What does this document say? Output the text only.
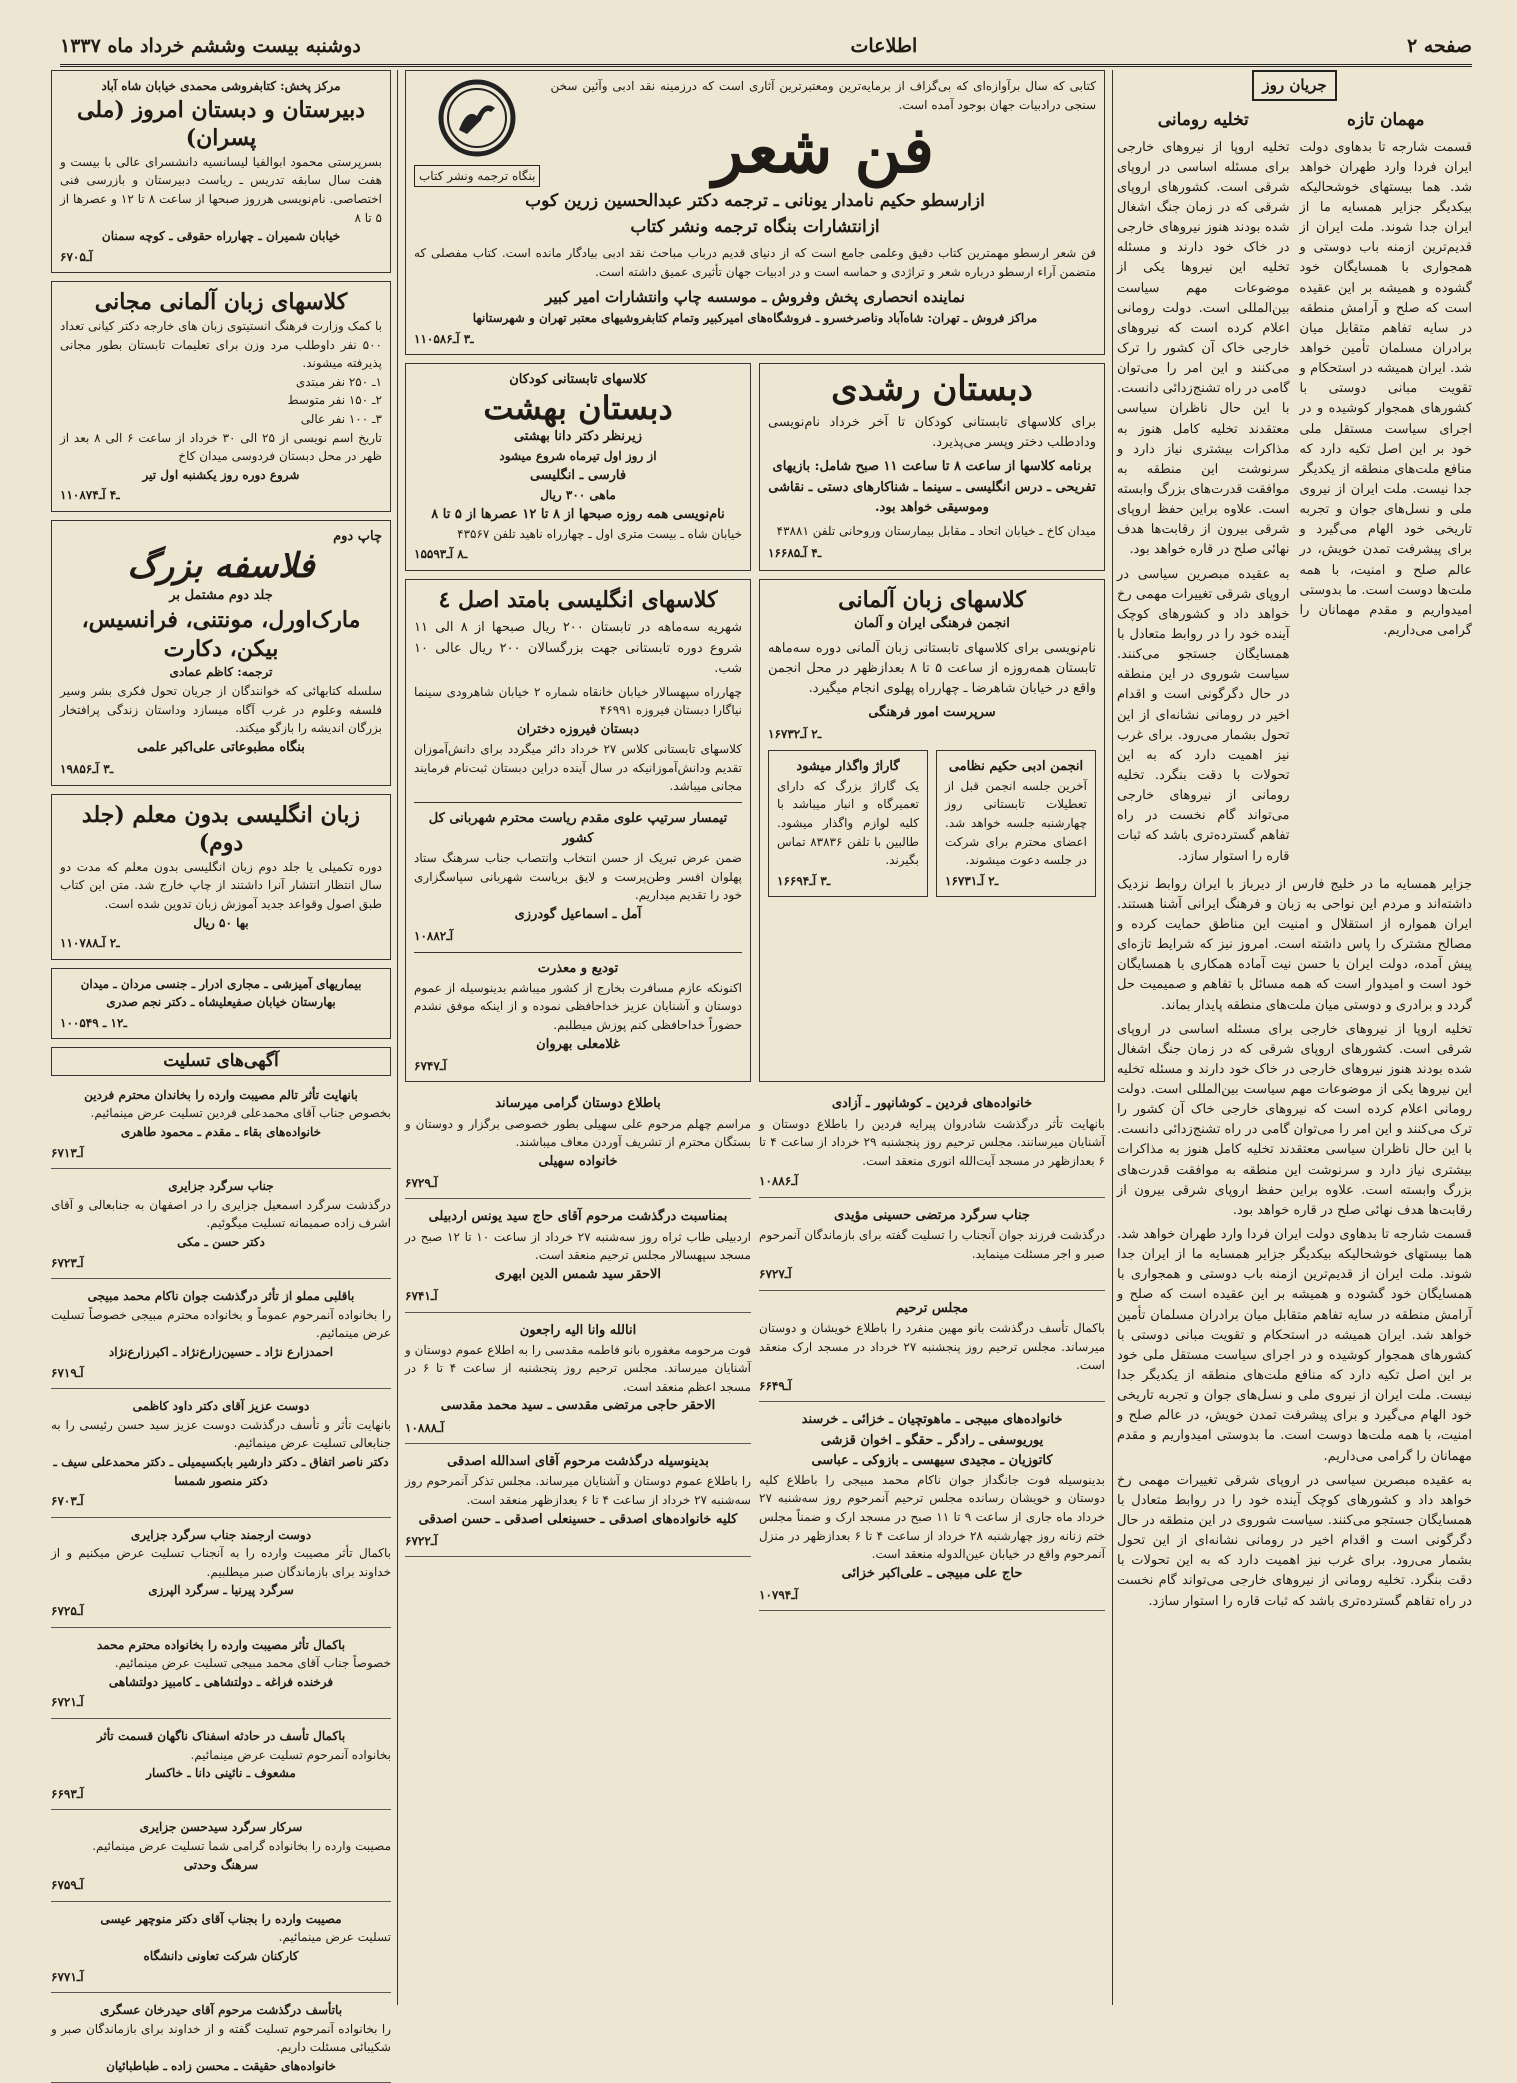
صفحه ۲
اطلاعات
دوشنبه بیست وششم خرداد ماه ۱۳۳۷
جریان روز
مهمان تازه
قسمت شارجه تا بدهاوی دولت ایران فردا وارد طهران خواهد شد. هما بیستهای خوشحالیکه بیکدیگر جزایر همسایه ما از ایران جدا شوند. ملت ایران از قدیم‌ترین ازمنه باب دوستی و همجواری با همسایگان خود گشوده و همیشه بر این عقیده است که صلح و آرامش منطقه در سایه تفاهم متقابل میان برادران مسلمان تأمین خواهد شد. ایران همیشه در استحکام و تقویت مبانی دوستی با کشورهای همجوار کوشیده و در اجرای سیاست مستقل ملی خود بر این اصل تکیه دارد که منافع ملت‌های منطقه از یکدیگر جدا نیست. ملت ایران از نیروی ملی و نسل‌های جوان و تجربه تاریخی خود الهام می‌گیرد و برای پیشرفت تمدن خویش، در عالم صلح و امنیت، با همه ملت‌ها دوست است. ما بدوستی امیدواریم و مقدم مهمانان را گرامی می‌داریم.
تخلیه رومانی
تخلیه اروپا از نیروهای خارجی برای مسئله اساسی در اروپای شرقی است. کشورهای اروپای شرقی که در زمان جنگ اشغال شده بودند هنوز نیروهای خارجی در خاک خود دارند و مسئله تخلیه این نیروها یکی از موضوعات مهم سیاست بین‌المللی است. دولت رومانی اعلام کرده است که نیروهای خارجی خاک آن کشور را ترک می‌کنند و این امر را می‌توان گامی در راه تشنج‌زدائی دانست. با این حال ناظران سیاسی معتقدند تخلیه کامل هنوز به مذاکرات بیشتری نیاز دارد و سرنوشت این منطقه به موافقت قدرت‌های بزرگ وابسته است. علاوه براین حفظ اروپای شرقی بیرون از رقابت‌ها هدف نهائی صلح در قاره خواهد بود.
به عقیده مبصرین سیاسی در اروپای شرقی تغییرات مهمی رخ خواهد داد و کشورهای کوچک آینده خود را در روابط متعادل با همسایگان جستجو می‌کنند. سیاست شوروی در این منطقه در حال دگرگونی است و اقدام اخیر در رومانی نشانه‌ای از این تحول بشمار می‌رود. برای غرب نیز اهمیت دارد که به این تحولات با دقت بنگرد. تخلیه رومانی از نیروهای خارجی می‌تواند گام نخست در راه تفاهم گسترده‌تری باشد که ثبات قاره را استوار سازد.
جزایر همسایه ما در خلیج فارس از دیرباز با ایران روابط نزدیک داشته‌اند و مردم این نواحی به زبان و فرهنگ ایرانی آشنا هستند. ایران همواره از استقلال و امنیت این مناطق حمایت کرده و مصالح مشترک را پاس داشته است. امروز نیز که شرایط تازه‌ای پیش آمده، دولت ایران با حسن نیت آماده همکاری با همسایگان خود است و امیدوار است که همه مسائل با تفاهم و صمیمیت حل گردد و برادری و دوستی میان ملت‌های منطقه پایدار بماند.
تخلیه اروپا از نیروهای خارجی برای مسئله اساسی در اروپای شرقی است. کشورهای اروپای شرقی که در زمان جنگ اشغال شده بودند هنوز نیروهای خارجی در خاک خود دارند و مسئله تخلیه این نیروها یکی از موضوعات مهم سیاست بین‌المللی است. دولت رومانی اعلام کرده است که نیروهای خارجی خاک آن کشور را ترک می‌کنند و این امر را می‌توان گامی در راه تشنج‌زدائی دانست. با این حال ناظران سیاسی معتقدند تخلیه کامل هنوز به مذاکرات بیشتری نیاز دارد و سرنوشت این منطقه به موافقت قدرت‌های بزرگ وابسته است. علاوه براین حفظ اروپای شرقی بیرون از رقابت‌ها هدف نهائی صلح در قاره خواهد بود.
قسمت شارجه تا بدهاوی دولت ایران فردا وارد طهران خواهد شد. هما بیستهای خوشحالیکه بیکدیگر جزایر همسایه ما از ایران جدا شوند. ملت ایران از قدیم‌ترین ازمنه باب دوستی و همجواری با همسایگان خود گشوده و همیشه بر این عقیده است که صلح و آرامش منطقه در سایه تفاهم متقابل میان برادران مسلمان تأمین خواهد شد. ایران همیشه در استحکام و تقویت مبانی دوستی با کشورهای همجوار کوشیده و در اجرای سیاست مستقل ملی خود بر این اصل تکیه دارد که منافع ملت‌های منطقه از یکدیگر جدا نیست. ملت ایران از نیروی ملی و نسل‌های جوان و تجربه تاریخی خود الهام می‌گیرد و برای پیشرفت تمدن خویش، در عالم صلح و امنیت، با همه ملت‌ها دوست است. ما بدوستی امیدواریم و مقدم مهمانان را گرامی می‌داریم.
به عقیده مبصرین سیاسی در اروپای شرقی تغییرات مهمی رخ خواهد داد و کشورهای کوچک آینده خود را در روابط متعادل با همسایگان جستجو می‌کنند. سیاست شوروی در این منطقه در حال دگرگونی است و اقدام اخیر در رومانی نشانه‌ای از این تحول بشمار می‌رود. برای غرب نیز اهمیت دارد که به این تحولات با دقت بنگرد. تخلیه رومانی از نیروهای خارجی می‌تواند گام نخست در راه تفاهم گسترده‌تری باشد که ثبات قاره را استوار سازد.
کتابی که سال برآوازه‌ای که بی‌گزاف از برمایه‌ترین ومعتبرترین آثاری است که درزمینه نقد ادبی وآئین سخن سنجی درادبیات جهان بوجود آمده است.
فن شعر
بنگاه ترجمه ونشر کتاب
ازارسطو حکیم نامدار یونانی ـ ترجمه دکتر عبدالحسین زرین کوب
ازانتشارات بنگاه ترجمه ونشر کتاب
فن شعر ارسطو مهمترین کتاب دقیق وعلمی جامع است که از دنیای قدیم درباب مباحث نقد ادبی بیادگار مانده است. کتاب مفصلی که متضمن آراء ارسطو درباره شعر و تراژدی و حماسه است و در ادبیات جهان تأثیری عمیق داشته است.
نماینده انحصاری پخش وفروش ـ موسسه چاپ وانتشارات امیر کبیر
مراکز فروش ـ تهران: شاه‌آباد وناصرخسرو ـ فروشگاه‌های امیرکبیر وتمام کتابفروشیهای معتبر تهران و شهرستانها
۱ـ۳ آـ۱۰۵۸۶
دبستان رشدی
برای کلاسهای تابستانی کودکان تا آخر خرداد نام‌نویسی ودادطلب دختر وپسر می‌پذیرد.
برنامه کلاسها از ساعت ۸ تا ساعت ۱۱ صبح شامل: بازیهای تفریحی ـ درس انگلیسی ـ سینما ـ شناکارهای دستی ـ نقاشی وموسیقی خواهد بود.
میدان کاخ ـ خیابان اتحاد ـ مقابل بیمارستان وروحانی تلفن ۴۳۸۸۱
۱ـ۴ آـ۶۶۸۵
کلاسهای تابستانی کودکان
دبستان بهشت
زیرنظر دکتر دانا بهشتی
از روز اول تیرماه شروع میشود
فارسی ـ انگلیسی
ماهی ۳۰۰ ریال
نام‌نویسی همه روزه صبحها از ۸ تا ۱۲ عصرها از ۵ تا ۸
خیابان شاه ـ بیست متری اول ـ چهارراه ناهید تلفن ۴۳۵۶۷
۱ـ۸ آـ۵۵۹۳
کلاسهای زبان آلمانی
انجمن فرهنگی ایران و آلمان
نام‌نویسی برای کلاسهای تابستانی زبان آلمانی دوره سه‌ماهه تابستان همه‌روزه از ساعت ۵ تا ۸ بعدازظهر در محل انجمن واقع در خیابان شاهرضا ـ چهارراه پهلوی انجام میگیرد.
سرپرست امور فرهنگی
۱ـ۲ آـ۶۷۳۲
انجمن ادبی حکیم نظامی
آخرین جلسه انجمن قبل از تعطیلات تابستانی روز چهارشنبه جلسه خواهد شد. اعضای محترم برای شرکت در جلسه دعوت میشوند.
۱ـ۲ آـ۶۷۳۱
گاراژ واگذار میشود
یک گاراژ بزرگ که دارای تعمیرگاه و انبار میباشد با کلیه لوازم واگذار میشود. طالبین با تلفن ۸۳۸۳۶ تماس بگیرند.
۱ـ۳ آـ۶۶۹۴
کلاسهای انگلیسی بامتد اصل ٤
شهریه سه‌ماهه در تابستان ۲۰۰ ریال صبحها از ۸ الی ۱۱ شروع دوره تابستانی جهت بزرگسالان ۲۰۰ ریال عالی ۱۰ شب.
چهارراه سپهسالار خیابان خانقاه شماره ۲ خیابان شاهرودی سینما نیاگارا دبستان فیروزه ۴۶۹۹۱
دبستان فیروزه دختران
کلاسهای تابستانی کلاس ۲۷ خرداد دائر میگردد برای دانش‌آموزان تقدیم ودانش‌آموزانیکه در سال آینده دراین دبستان ثبت‌نام فرمایند مجانی میباشد.
تیمسار سرتیپ علوی مقدم ریاست محترم شهربانی کل کشور
ضمن عرض تبریک از حسن انتخاب وانتصاب جناب سرهنگ ستاد پهلوان افسر وطن‌پرست و لایق بریاست شهربانی سپاسگزاری خود را تقدیم میداریم.
آمل ـ اسماعیل گودرزی
آـ۱۰۸۸۲
تودیع و معذرت
اکنونکه عازم مسافرت بخارج از کشور میباشم بدینوسیله از عموم دوستان و آشنایان عزیز خداحافظی نموده و از اینکه موفق نشدم حضوراً خداحافظی کنم پوزش میطلبم.
غلامعلی بهروان
آـ۶۷۴۷
خانواده‌های فردین ـ کوشانپور ـ آزادی
بانهایت تأثر درگذشت شادروان پیرایه فردین را باطلاع دوستان و آشنایان میرسانند. مجلس ترحیم روز پنجشنبه ۲۹ خرداد از ساعت ۴ تا ۶ بعدازظهر در مسجد آیت‌الله انوری منعقد است.
آـ۱۰۸۸۶
جناب سرگرد مرتضی حسینی مؤیدی
درگذشت فرزند جوان آنجناب را تسلیت گفته برای بازماندگان آنمرحوم صبر و اجر مسئلت مینماید.
آـ۶۷۲۷
مجلس ترحیم
باکمال تأسف درگذشت بانو مهین منفرد را باطلاع خویشان و دوستان میرساند. مجلس ترحیم روز پنجشنبه ۲۷ خرداد در مسجد ارک منعقد است.
آـ۶۶۴۹
خانواده‌های مبیجی ـ ماهوتچیان ـ خزائی ـ خرسند
یوریوسفی ـ رادگر ـ حقگو ـ اخوان قزشی
کاتوزیان ـ مجیدی سیهسی ـ بازوکی ـ عباسی
بدینوسیله فوت جانگداز جوان ناکام محمد مبیجی را باطلاع کلیه دوستان و خویشان رسانده مجلس ترحیم آنمرحوم روز سه‌شنبه ۲۷ خرداد ماه جاری از ساعت ۹ تا ۱۱ صبح در مسجد ارک و ضمناً مجلس ختم زنانه روز چهارشنبه ۲۸ خرداد از ساعت ۴ تا ۶ بعدازظهر در منزل آنمرحوم واقع در خیابان عین‌الدوله منعقد است.
حاج علی مبیجی ـ علی‌اکبر خزائی
آـ۱۰۷۹۴
باطلاع دوستان گرامی میرساند
مراسم چهلم مرحوم علی سهیلی بطور خصوصی برگزار و دوستان و بستگان محترم از تشریف آوردن معاف میباشند.
خانواده سهیلی
آـ۶۷۲۹
بمناسبت درگذشت مرحوم آقای حاج سید یونس اردبیلی
اردبیلی طاب ثراه روز سه‌شنبه ۲۷ خرداد از ساعت ۱۰ تا ۱۲ صبح در مسجد سپهسالار مجلس ترحیم منعقد است.
الاحقر سید شمس الدین ابهری
آـ۶۷۴۱
انالله وانا الیه راجعون
فوت مرحومه مغفوره بانو فاطمه مقدسی را به اطلاع عموم دوستان و آشنایان میرساند. مجلس ترحیم روز پنجشنبه از ساعت ۴ تا ۶ در مسجد اعظم منعقد است.
الاحقر حاجی مرتضی مقدسی ـ سید محمد مقدسی
آـ۱۰۸۸۸
بدینوسیله درگذشت مرحوم آقای اسدالله اصدقی
را باطلاع عموم دوستان و آشنایان میرساند. مجلس تذکر آنمرحوم روز سه‌شنبه ۲۷ خرداد از ساعت ۴ تا ۶ بعدازظهر منعقد است.
کلیه خانواده‌های اصدقی ـ حسینعلی اصدقی ـ حسن اصدقی
آـ۶۷۲۲
مرکز پخش: کتابفروشی محمدی خیابان شاه آباد
دبیرستان و دبستان امروز (ملی پسران)
بسرپرستی محمود ابوالفیا لیسانسیه دانشسرای عالی با بیست و هفت سال سابقه تدریس ـ ریاست دبیرستان و بازرسی فنی اختصاصی. نام‌نویسی هرروز صبحها از ساعت ۸ تا ۱۲ و عصرها از ۵ تا ۸
خیابان شمیران ـ چهارراه حقوقی ـ کوچه سمنان
آـ۶۷۰۵
کلاسهای زبان آلمانی مجانی
با کمک وزارت فرهنگ انستیتوی زبان های خارجه دکتر کیانی تعداد ۵۰۰ نفر داوطلب مرد وزن برای تعلیمات تابستان بطور مجانی پذیرفته میشوند.
۱ـ ۲۵۰ نفر مبتدی
۲ـ ۱۵۰ نفر متوسط
۳ـ ۱۰۰ نفر عالی
تاریخ اسم نویسی از ۲۵ الی ۳۰ خرداد از ساعت ۶ الی ۸ بعد از ظهر در محل دبستان فردوسی میدان کاخ
شروع دوره روز یکشنبه اول تیر
۱ـ۴ آـ۱۰۸۷۴
چاپ دوم
فلاسفه بزرگ
جلد دوم مشتمل بر
مارک‌اورل، مونتنی، فرانسیس، بیکن، دکارت
ترجمه: کاظم عمادی
سلسله کتابهائی که خوانندگان از جریان تحول فکری بشر وسیر فلسفه وعلوم در غرب آگاه میسازد وداستان زندگی پرافتخار بزرگان اندیشه را بازگو میکند.
بنگاه مطبوعاتی علی‌اکبر علمی
۱ـ۳ آـ۹۸۵۶
زبان انگلیسی بدون معلم (جلد دوم)
دوره تکمیلی یا جلد دوم زبان انگلیسی بدون معلم که مدت دو سال انتظار انتشار آنرا داشتند از چاپ خارج شد. متن این کتاب طبق اصول وقواعد جدید آموزش زبان تدوین شده است.
بها ۵۰ ریال
۱ـ۲ آـ۱۰۷۸۸
بیماریهای آمیزشی ـ مجاری ادرار ـ جنسی مردان ـ میدان
بهارستان خیابان صفیعلیشاه ـ دکتر نجم صدری
۱۰ـ۱۲ ـ ۰۵۴۹
آگهی‌های تسلیت
بانهایت تأثر تالم مصیبت وارده را بخاندان محترم فردین
بخصوص جناب آقای محمدعلی فردین تسلیت عرض مینمائیم.
خانواده‌های بقاء ـ مقدم ـ محمود طاهری
آـ۶۷۱۳
جناب سرگرد جزایری
درگذشت سرگرد اسمعیل جزایری را در اصفهان به جنابعالی و آقای اشرف زاده صمیمانه تسلیت میگوئیم.
دکتر حسن ـ مکی
آـ۶۷۲۳
باقلبی مملو از تأثر درگذشت جوان ناکام محمد مبیجی
را بخانواده آنمرحوم عموماً و بخانواده محترم مبیجی خصوصاً تسلیت عرض مینمائیم.
احمدزارع نژاد ـ حسین‌زارع‌نژاد ـ اکبرزارع‌نژاد
آـ۶۷۱۹
دوست عزیز آقای دکتر داود کاظمی
بانهایت تأثر و تأسف درگذشت دوست عزیز سید حسن رئیسی را به جنابعالی تسلیت عرض مینمائیم.
دکتر ناصر اتفاق ـ دکتر دارشیر بابکسیمیلی ـ دکتر محمدعلی سیف ـ دکتر منصور شمسا
آـ۶۷۰۳
دوست ارجمند جناب سرگرد جزایری
باکمال تأثر مصیبت وارده را به آنجناب تسلیت عرض میکنیم و از خداوند برای بازماندگان صبر میطلبیم.
سرگرد پیرنیا ـ سرگرد الپرزی
آـ۶۷۲۵
باکمال تأثر مصیبت وارده را بخانواده محترم محمد
خصوصاً جناب آقای محمد مبیجی تسلیت عرض مینمائیم.
فرخنده فراغه ـ دولتشاهی ـ کامبیز دولتشاهی
آـ۶۷۲۱
باکمال تأسف در حادثه اسفناک ناگهان قسمت تأثر
بخانواده آنمرحوم تسلیت عرض مینمائیم.
مشعوف ـ نائینی دانا ـ خاکسار
آـ۶۶۹۳
سرکار سرگرد سیدحسن جزایری
مصیبت وارده را بخانواده گرامی شما تسلیت عرض مینمائیم.
سرهنگ وحدتی
آـ۶۷۵۹
مصیبت وارده را بجناب آقای دکتر منوچهر عیسی
تسلیت عرض مینمائیم.
کارکنان شرکت تعاونی دانشگاه
آـ۶۷۷۱
باتأسف درگذشت مرحوم آقای حیدرخان عسگری
را بخانواده آنمرحوم تسلیت گفته و از خداوند برای بازماندگان صبر و شکیبائی مسئلت داریم.
خانواده‌های حقیقت ـ محسن زاده ـ طباطبائیان
